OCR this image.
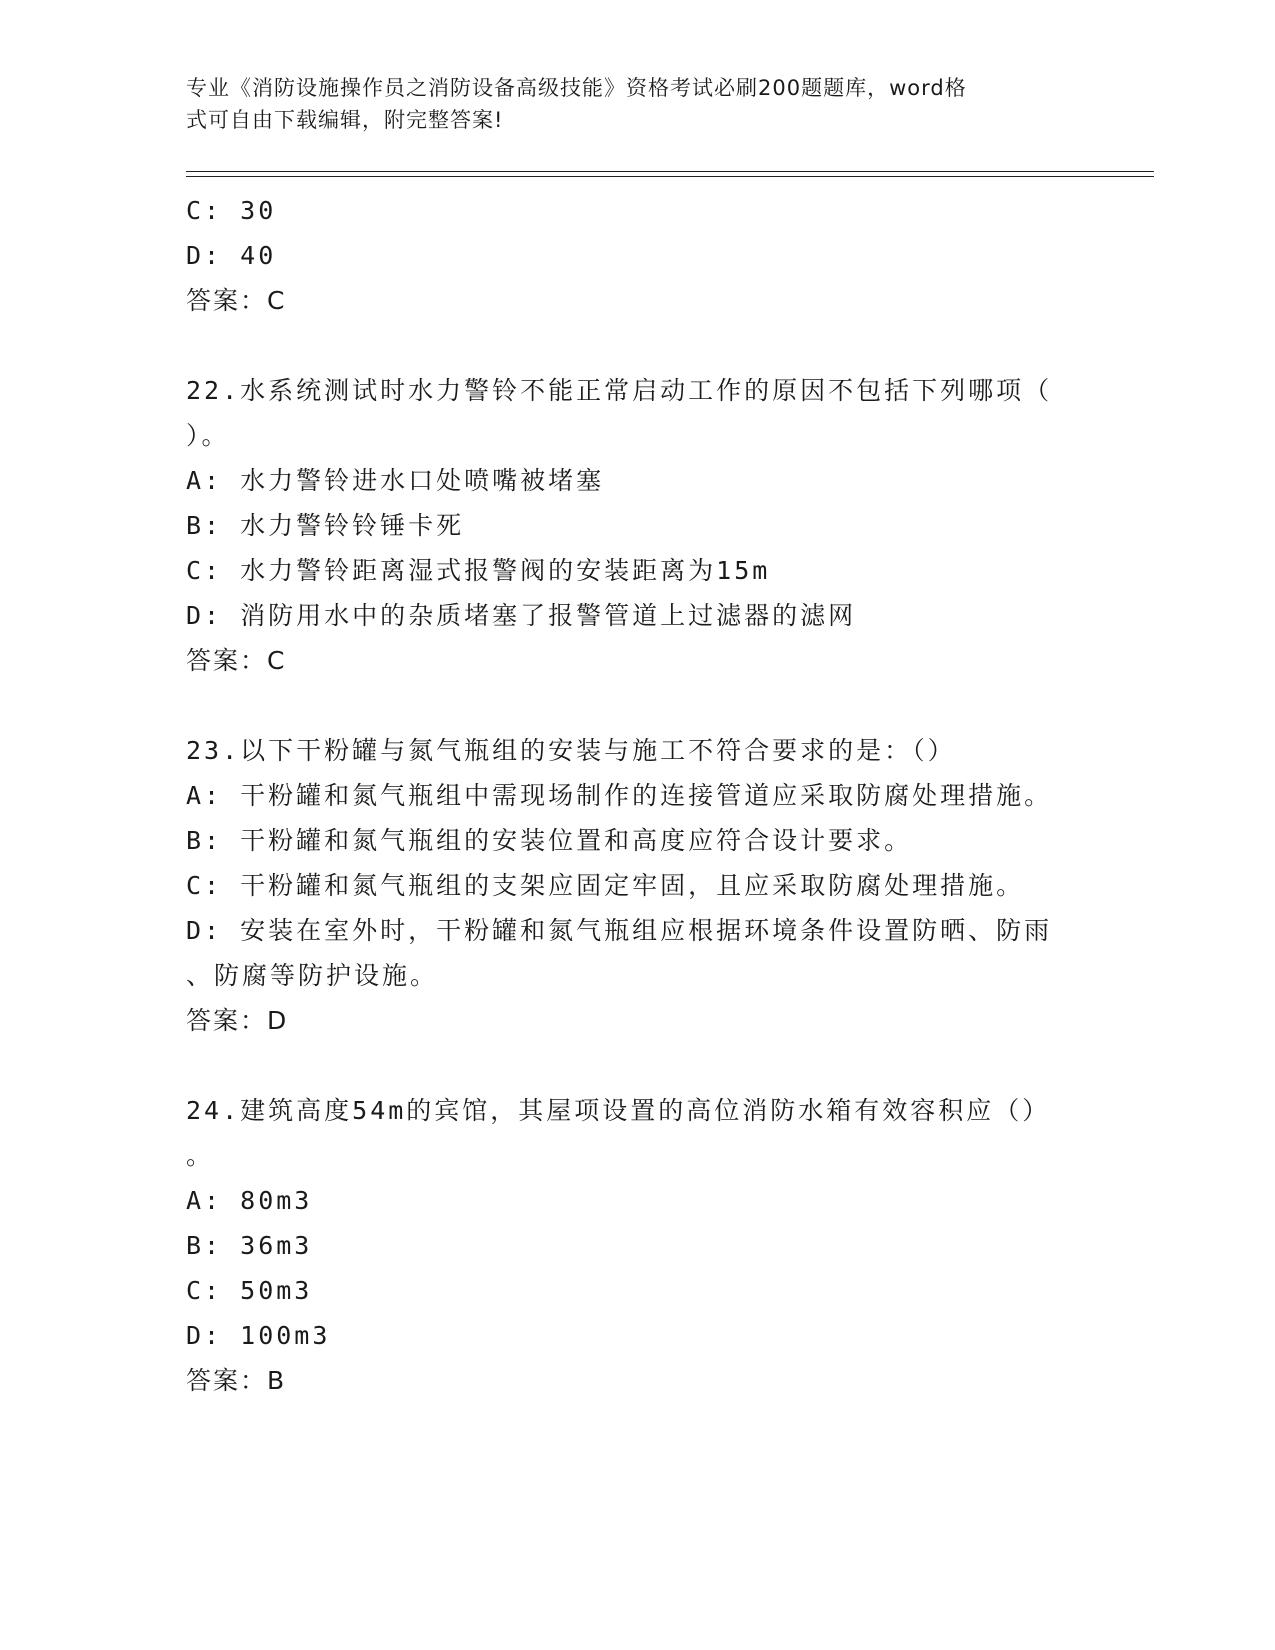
专业《消防设施操作员之消防设备高级技能》资格考试必刷200题题库，word格
式可自由下载编辑，附完整答案!
C: 30
D: 40
答案：C
22.水系统测试时水力警铃不能正常启动工作的原因不包括下列哪项（
）。
A: 水力警铃进水口处喷嘴被堵塞
B: 水力警铃铃锤卡死
C: 水力警铃距离湿式报警阀的安装距离为15m
D: 消防用水中的杂质堵塞了报警管道上过滤器的滤网
答案：C
23.以下干粉罐与氮气瓶组的安装与施工不符合要求的是：（）
A: 干粉罐和氮气瓶组中需现场制作的连接管道应采取防腐处理措施。
B: 干粉罐和氮气瓶组的安装位置和高度应符合设计要求。
C: 干粉罐和氮气瓶组的支架应固定牢固，且应采取防腐处理措施。
D: 安装在室外时，干粉罐和氮气瓶组应根据环境条件设置防晒、防雨
、防腐等防护设施。
答案：D
24.建筑高度54m的宾馆，其屋项设置的高位消防水箱有效容积应（）
。
A: 80m3
B: 36m3
C: 50m3
D: 100m3
答案：B
